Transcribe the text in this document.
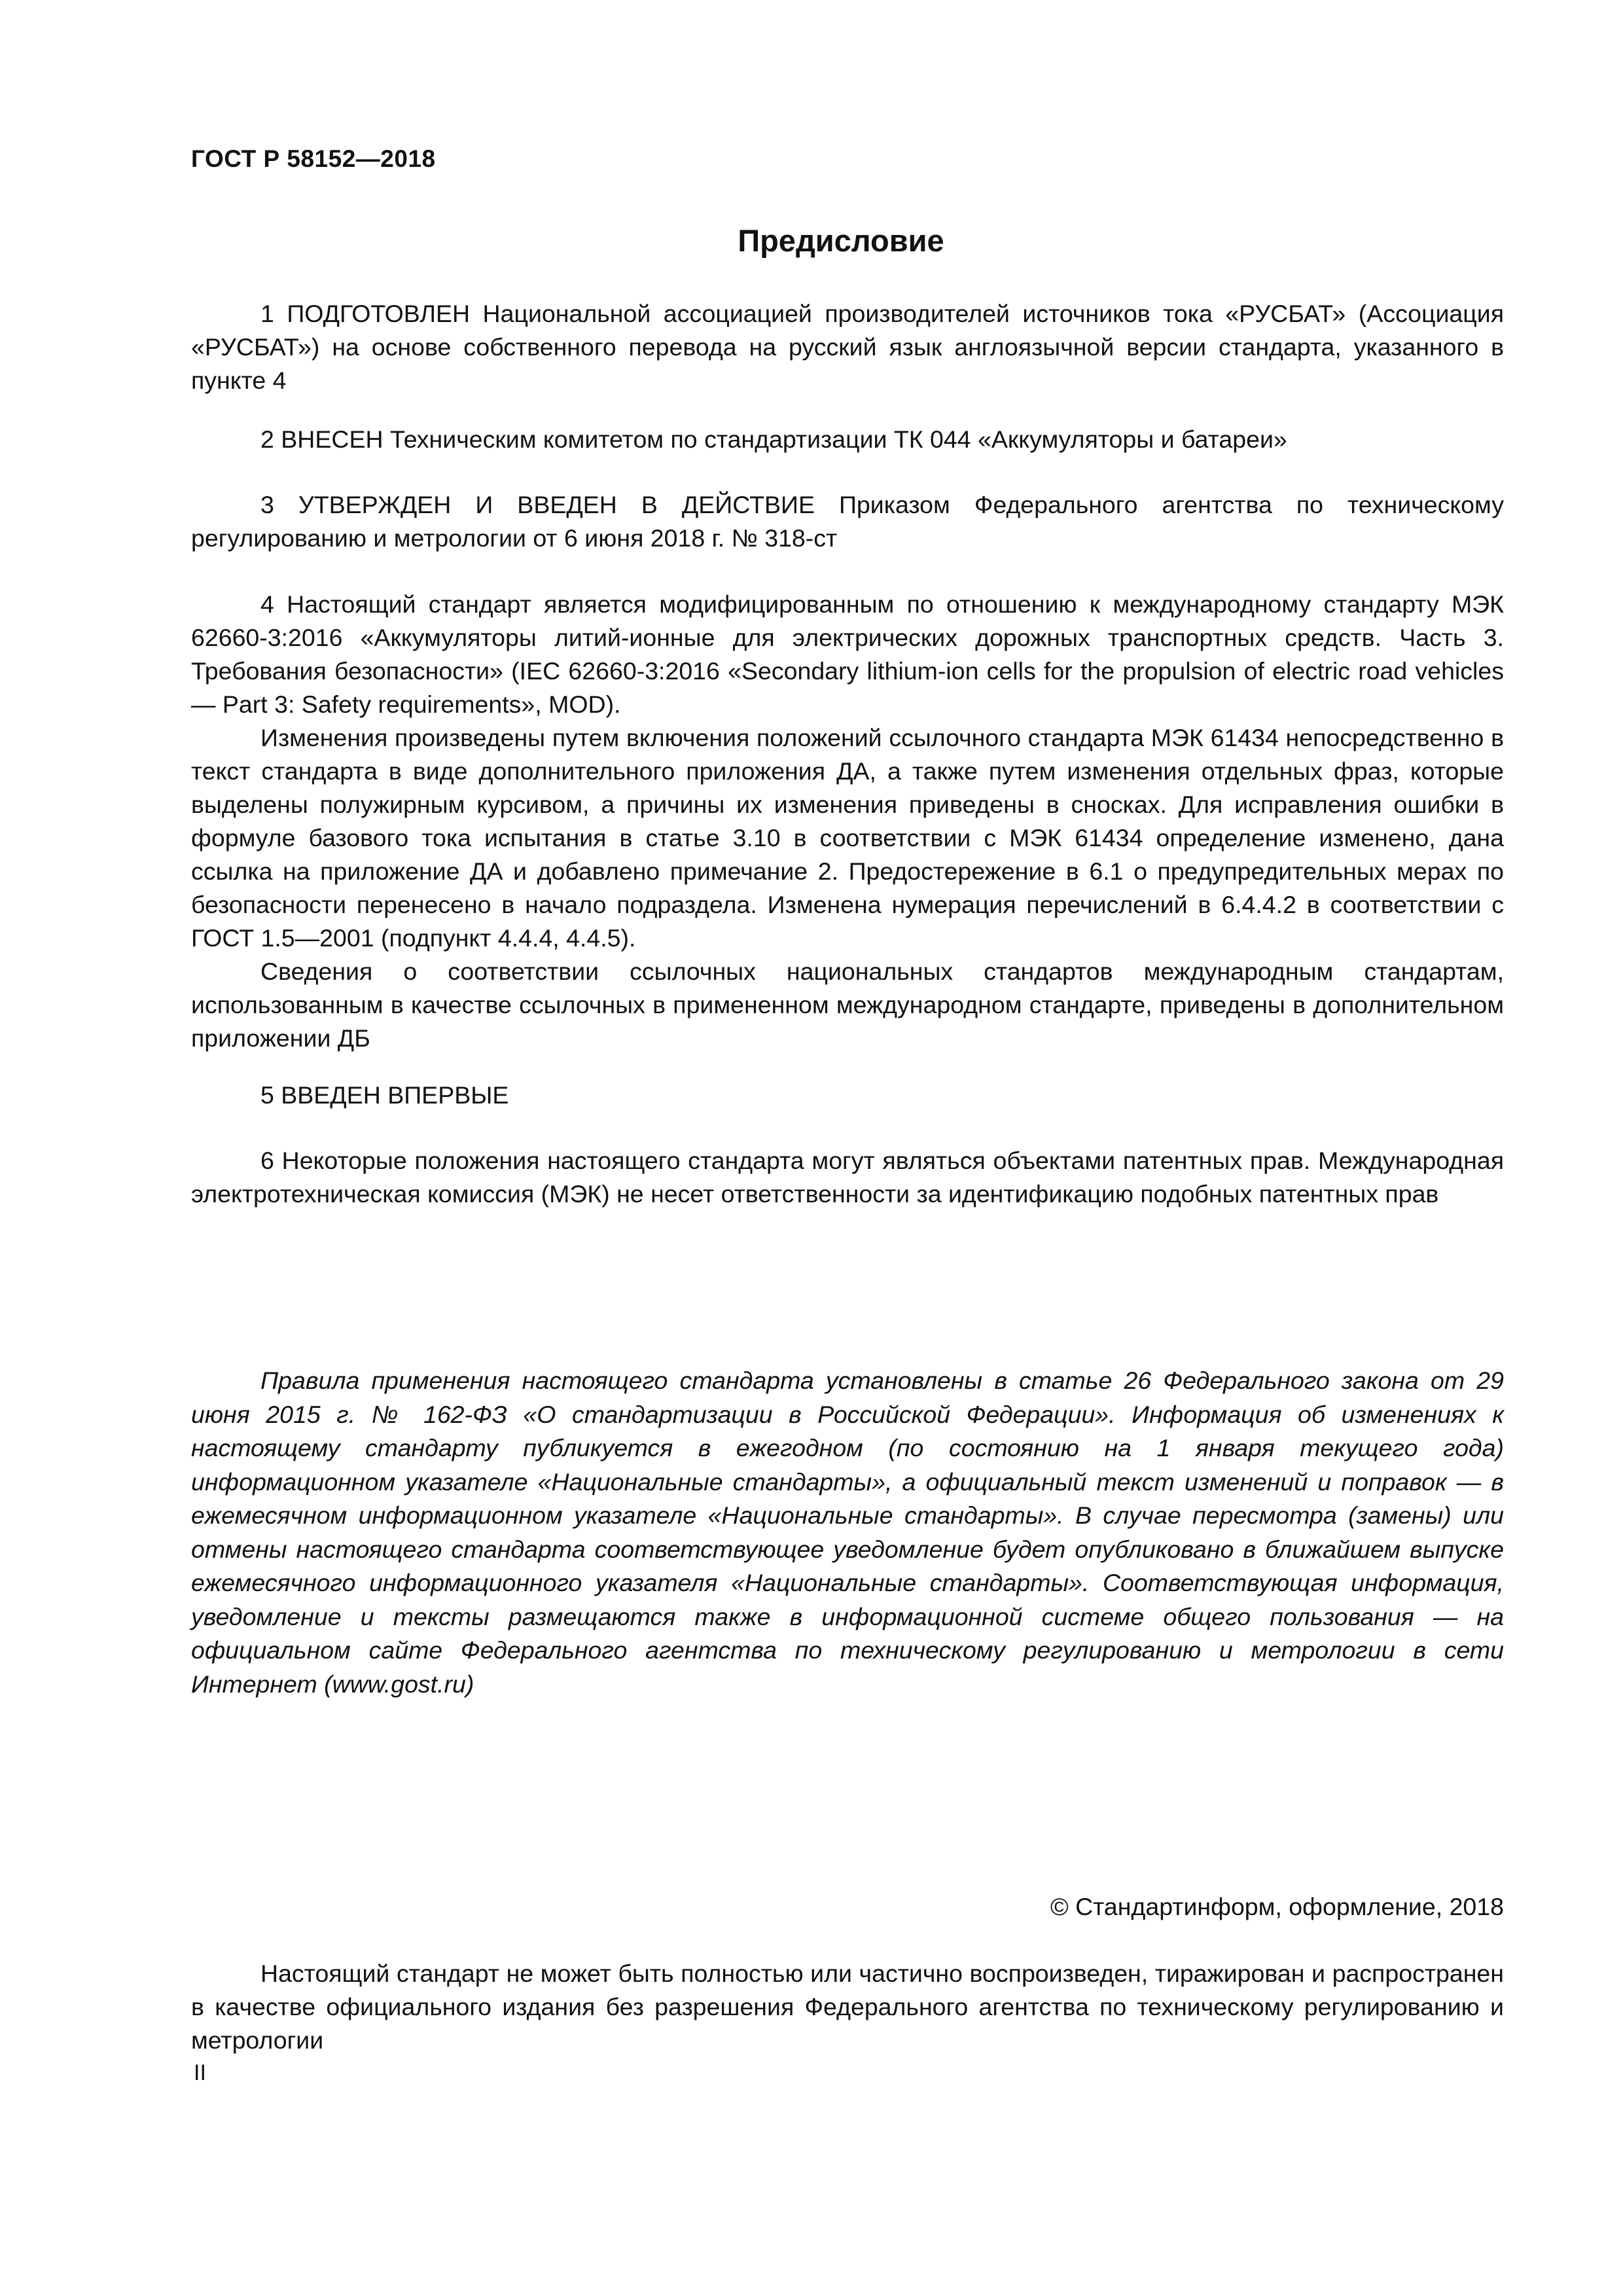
ГОСТ Р 58152—2018
Предисловие

1 ПОДГОТОВЛЕН Национальной ассоциацией производителей источников тока «РУСБАТ» (Ассоциация «РУСБАТ») на основе собственного перевода на русский язык англоязычной версии стандарта, указанного в пункте 4

2 ВНЕСЕН Техническим комитетом по стандартизации ТК 044 «Аккумуляторы и батареи»

3 УТВЕРЖДЕН И ВВЕДЕН В ДЕЙСТВИЕ Приказом Федерального агентства по техническому регулированию и метрологии от 6 июня 2018 г. № 318-ст

4 Настоящий стандарт является модифицированным по отношению к международному стандарту МЭК 62660-3:2016 «Аккумуляторы литий-ионные для электрических дорожных транспортных средств. Часть 3. Требования безопасности» (IEC 62660-3:2016 «Secondary lithium-ion cells for the propulsion of electric road vehicles — Part 3: Safety requirements», MOD).

Изменения произведены путем включения положений ссылочного стандарта МЭК 61434 непосредственно в текст стандарта в виде дополнительного приложения ДА, а также путем изменения отдельных фраз, которые выделены полужирным курсивом, а причины их изменения приведены в сносках. Для исправления ошибки в формуле базового тока испытания в статье 3.10 в соответствии с МЭК 61434 определение изменено, дана ссылка на приложение ДА и добавлено примечание 2. Предостережение в 6.1 о предупредительных мерах по безопасности перенесено в начало подраздела. Изменена нумерация перечислений в 6.4.4.2 в соответствии с ГОСТ 1.5—2001 (подпункт 4.4.4, 4.4.5).

Сведения о соответствии ссылочных национальных стандартов международным стандартам, использованным в качестве ссылочных в примененном международном стандарте, приведены в дополнительном приложении ДБ

5 ВВЕДЕН ВПЕРВЫЕ

6 Некоторые положения настоящего стандарта могут являться объектами патентных прав. Международная электротехническая комиссия (МЭК) не несет ответственности за идентификацию подобных патентных прав

Правила применения настоящего стандарта установлены в статье 26 Федерального закона от 29 июня 2015 г. № 162-ФЗ «О стандартизации в Российской Федерации». Информация об изменениях к настоящему стандарту публикуется в ежегодном (по состоянию на 1 января текущего года) информационном указателе «Национальные стандарты», а официальный текст изменений и поправок — в ежемесячном информационном указателе «Национальные стандарты». В случае пересмотра (замены) или отмены настоящего стандарта соответствующее уведомление будет опубликовано в ближайшем выпуске ежемесячного информационного указателя «Национальные стандарты». Соответствующая информация, уведомление и тексты размещаются также в информационной системе общего пользования — на официальном сайте Федерального агентства по техническому регулированию и метрологии в сети Интернет (www.gost.ru)

© Стандартинформ, оформление, 2018

Настоящий стандарт не может быть полностью или частично воспроизведен, тиражирован и распространен в качестве официального издания без разрешения Федерального агентства по техническому регулированию и метрологии

II
